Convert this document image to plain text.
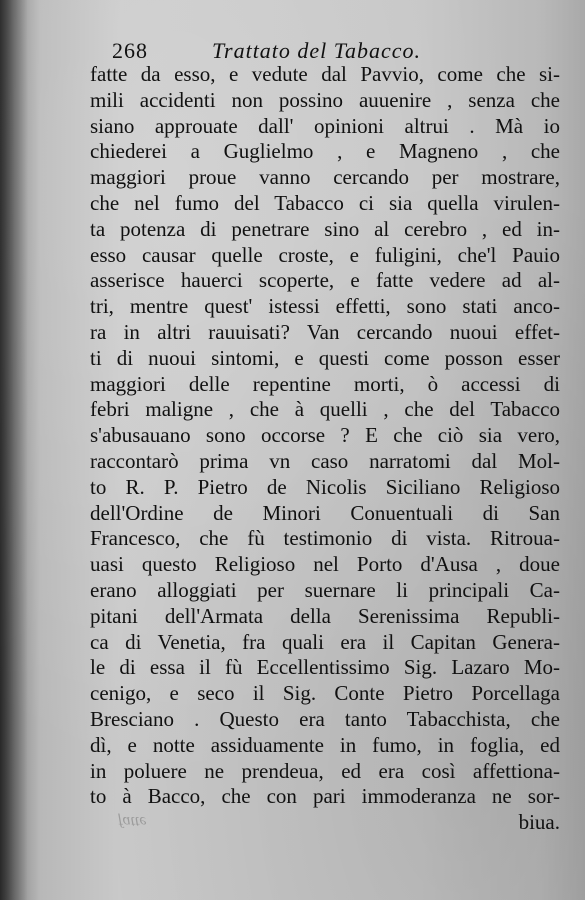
268	Trattato del Tabacco.
fatte da esso, e vedute dal Pavvio, come che si-
mili accidenti non possino auuenire , senza che
siano approuate dall' opinioni altrui . Mà io
chiederei a Guglielmo , e Magneno , che
maggiori proue vanno cercando per mostrare,
che nel fumo del Tabacco ci sia quella virulen-
ta potenza di penetrare sino al cerebro , ed in-
esso causar quelle croste, e fuligini, che'l Pauio
asserisce hauerci scoperte, e fatte vedere ad al-
tri, mentre quest' istessi effetti, sono stati anco-
ra in altri rauuisati? Van cercando nuoui effet-
ti di nuoui sintomi, e questi come posson esser
maggiori delle repentine morti, ò accessi di
febri maligne , che à quelli , che del Tabacco
s'abusauano sono occorse ? E che ciò sia vero,
raccontarò prima vn caso narratomi dal Mol-
to R. P. Pietro de Nicolis Siciliano Religioso
dell'Ordine de Minori Conuentuali di San
Francesco, che fù testimonio di vista. Ritroua-
uasi questo Religioso nel Porto d'Ausa , doue
erano alloggiati per suernare li principali Ca-
pitani dell'Armata della Serenissima Republi-
ca di Venetia, fra quali era il Capitan Genera-
le di essa il fù Eccellentissimo Sig. Lazaro Mo-
cenigo, e seco il Sig. Conte Pietro Porcellaga
Bresciano . Questo era tanto Tabacchista, che
dì, e notte assiduamente in fumo, in foglia, ed
in poluere ne prendeua, ed era così affettiona-
to à Bacco, che con pari immoderanza ne sor-
biua.
fatte
